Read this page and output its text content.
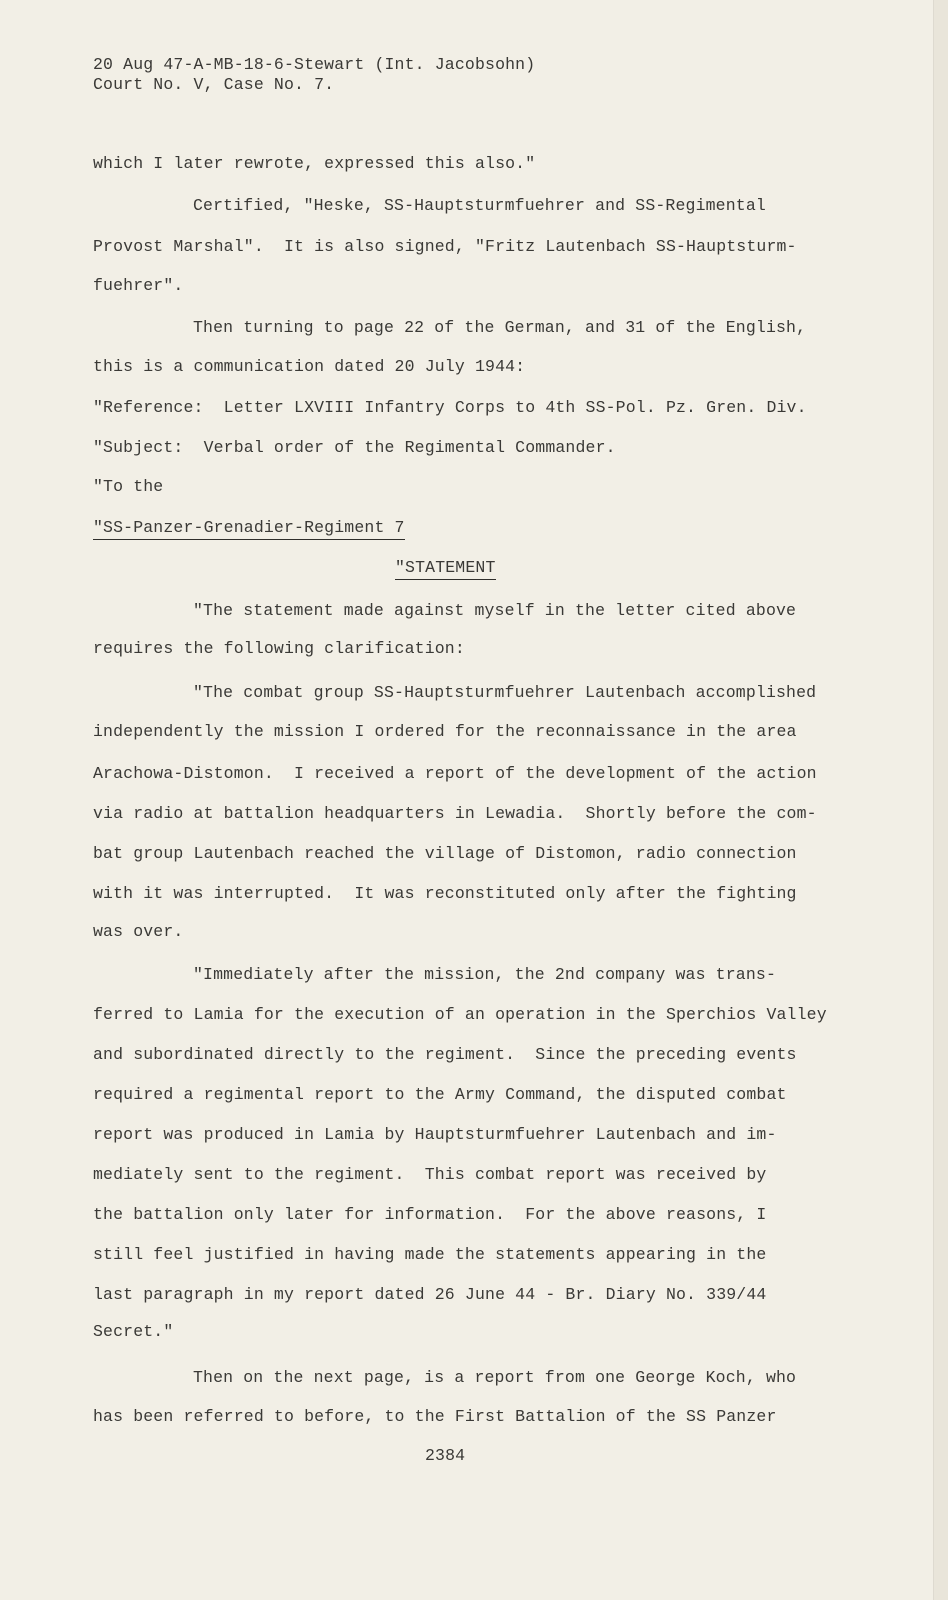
20 Aug 47-A-MB-18-6-Stewart (Int. Jacobsohn)
Court No. V, Case No. 7.
which I later rewrote, expressed this also."
Certified, "Heske, SS-Hauptsturmfuehrer and SS-Regimental
Provost Marshal".  It is also signed, "Fritz Lautenbach SS-Hauptsturm-
fuehrer".
Then turning to page 22 of the German, and 31 of the English,
this is a communication dated 20 July 1944:
"Reference:  Letter LXVIII Infantry Corps to 4th SS-Pol. Pz. Gren. Div.
"Subject:  Verbal order of the Regimental Commander.
"To the
"SS-Panzer-Grenadier-Regiment 7
"STATEMENT
"The statement made against myself in the letter cited above
requires the following clarification:
"The combat group SS-Hauptsturmfuehrer Lautenbach accomplished
independently the mission I ordered for the reconnaissance in the area
Arachowa-Distomon.  I received a report of the development of the action
via radio at battalion headquarters in Lewadia.  Shortly before the com-
bat group Lautenbach reached the village of Distomon, radio connection
with it was interrupted.  It was reconstituted only after the fighting
was over.
"Immediately after the mission, the 2nd company was trans-
ferred to Lamia for the execution of an operation in the Sperchios Valley
and subordinated directly to the regiment.  Since the preceding events
required a regimental report to the Army Command, the disputed combat
report was produced in Lamia by Hauptsturmfuehrer Lautenbach and im-
mediately sent to the regiment.  This combat report was received by
the battalion only later for information.  For the above reasons, I
still feel justified in having made the statements appearing in the
last paragraph in my report dated 26 June 44 - Br. Diary No. 339/44
Secret."
Then on the next page, is a report from one George Koch, who
has been referred to before, to the First Battalion of the SS Panzer
2384
